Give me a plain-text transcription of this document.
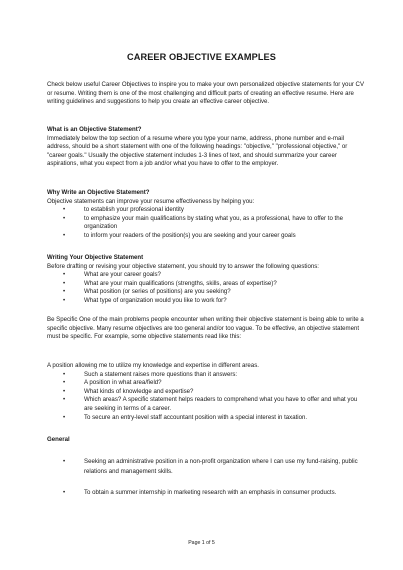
CAREER OBJECTIVE EXAMPLES
Check below useful Career Objectives to inspire you to make your own personalized objective statements for your CV or resume. Writing them is one of the most challenging and difficult parts of creating an effective resume. Here are writing guidelines and suggestions to help you create an effective career objective.
What is an Objective Statement?
Immediately below the top section of a resume where you type your name, address, phone number and e-mail address, should be a short statement with one of the following headings: "objective," "professional objective," or "career goals." Usually the objective statement includes 1-3 lines of text, and should summarize your career aspirations, what you expect from a job and/or what you have to offer to the employer.
Why Write an Objective Statement?
Objective statements can improve your resume effectiveness by helping you:
• to establish your professional identity
• to emphasize your main qualifications by stating what you, as a professional, have to offer to the organization
• to inform your readers of the position(s) you are seeking and your career goals
Writing Your Objective Statement
Before drafting or revising your objective statement, you should try to answer the following questions:
• What are your career goals?
• What are your main qualifications (strengths, skills, areas of expertise)?
• What position (or series of positions) are you seeking?
• What type of organization would you like to work for?
Be Specific One of the main problems people encounter when writing their objective statement is being able to write a specific objective. Many resume objectives are too general and/or too vague. To be effective, an objective statement must be specific. For example, some objective statements read like this:
A position allowing me to utilize my knowledge and expertise in different areas.
• Such a statement raises more questions than it answers:
• A position in what area/field?
• What kinds of knowledge and expertise?
• Which areas? A specific statement helps readers to comprehend what you have to offer and what you are seeking in terms of a career.
• To secure an entry-level staff accountant position with a special interest in taxation.
General
• Seeking an administrative position in a non-profit organization where I can use my fund-raising, public relations and management skills.
• To obtain a summer internship in marketing research with an emphasis in consumer products.
Page 1 of 5
